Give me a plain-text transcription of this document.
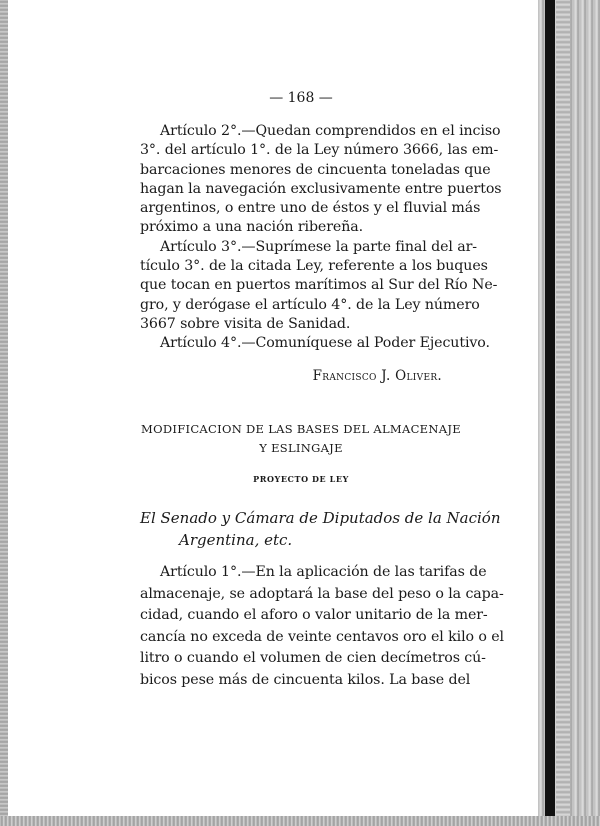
— 168 —
Artículo 2°.—Quedan comprendidos en el inciso
3°. del artículo 1°. de la Ley número 3666, las em-
barcaciones menores de cincuenta toneladas que
hagan la navegación exclusivamente entre puertos
argentinos, o entre uno de éstos y el fluvial más
próximo a una nación ribereña.
Artículo 3°.—Suprímese la parte final del ar-
tículo 3°. de la citada Ley, referente a los buques
que tocan en puertos marítimos al Sur del Río Ne-
gro, y derógase el artículo 4°. de la Ley número
3667 sobre visita de Sanidad.
Artículo 4°.—Comuníquese al Poder Ejecutivo.
Francisco J. Oliver.
MODIFICACION DE LAS BASES DEL ALMACENAJE
Y ESLINGAJE
PROYECTO DE LEY
El Senado y Cámara de Diputados de la Nación
Argentina, etc.
Artículo 1°.—En la aplicación de las tarifas de
almacenaje, se adoptará la base del peso o la capa-
cidad, cuando el aforo o valor unitario de la mer-
cancía no exceda de veinte centavos oro el kilo o el
litro o cuando el volumen de cien decímetros cú-
bicos pese más de cincuenta kilos. La base del
